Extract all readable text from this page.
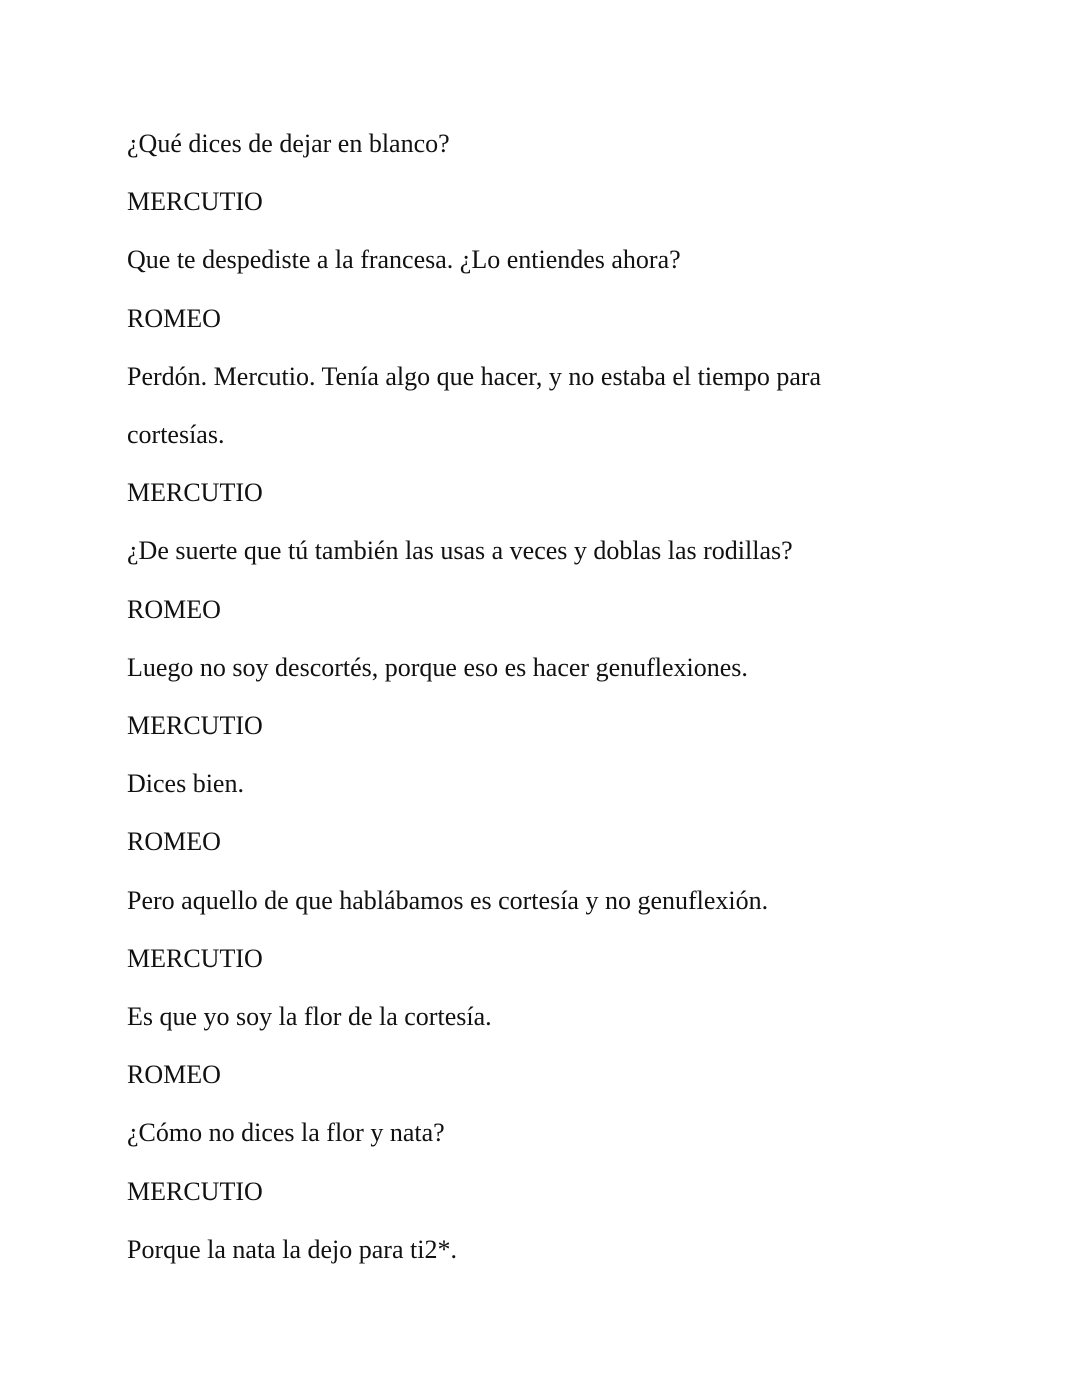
¿Qué dices de dejar en blanco?

MERCUTIO

Que te despediste a la francesa. ¿Lo entiendes ahora?

ROMEO

Perdón. Mercutio. Tenía algo que hacer, y no estaba el tiempo para cortesías.

MERCUTIO

¿De suerte que tú también las usas a veces y doblas las rodillas?

ROMEO

Luego no soy descortés, porque eso es hacer genuflexiones.

MERCUTIO

Dices bien.

ROMEO

Pero aquello de que hablábamos es cortesía y no genuflexión.

MERCUTIO

Es que yo soy la flor de la cortesía.

ROMEO

¿Cómo no dices la flor y nata?

MERCUTIO

Porque la nata la dejo para ti2*.
